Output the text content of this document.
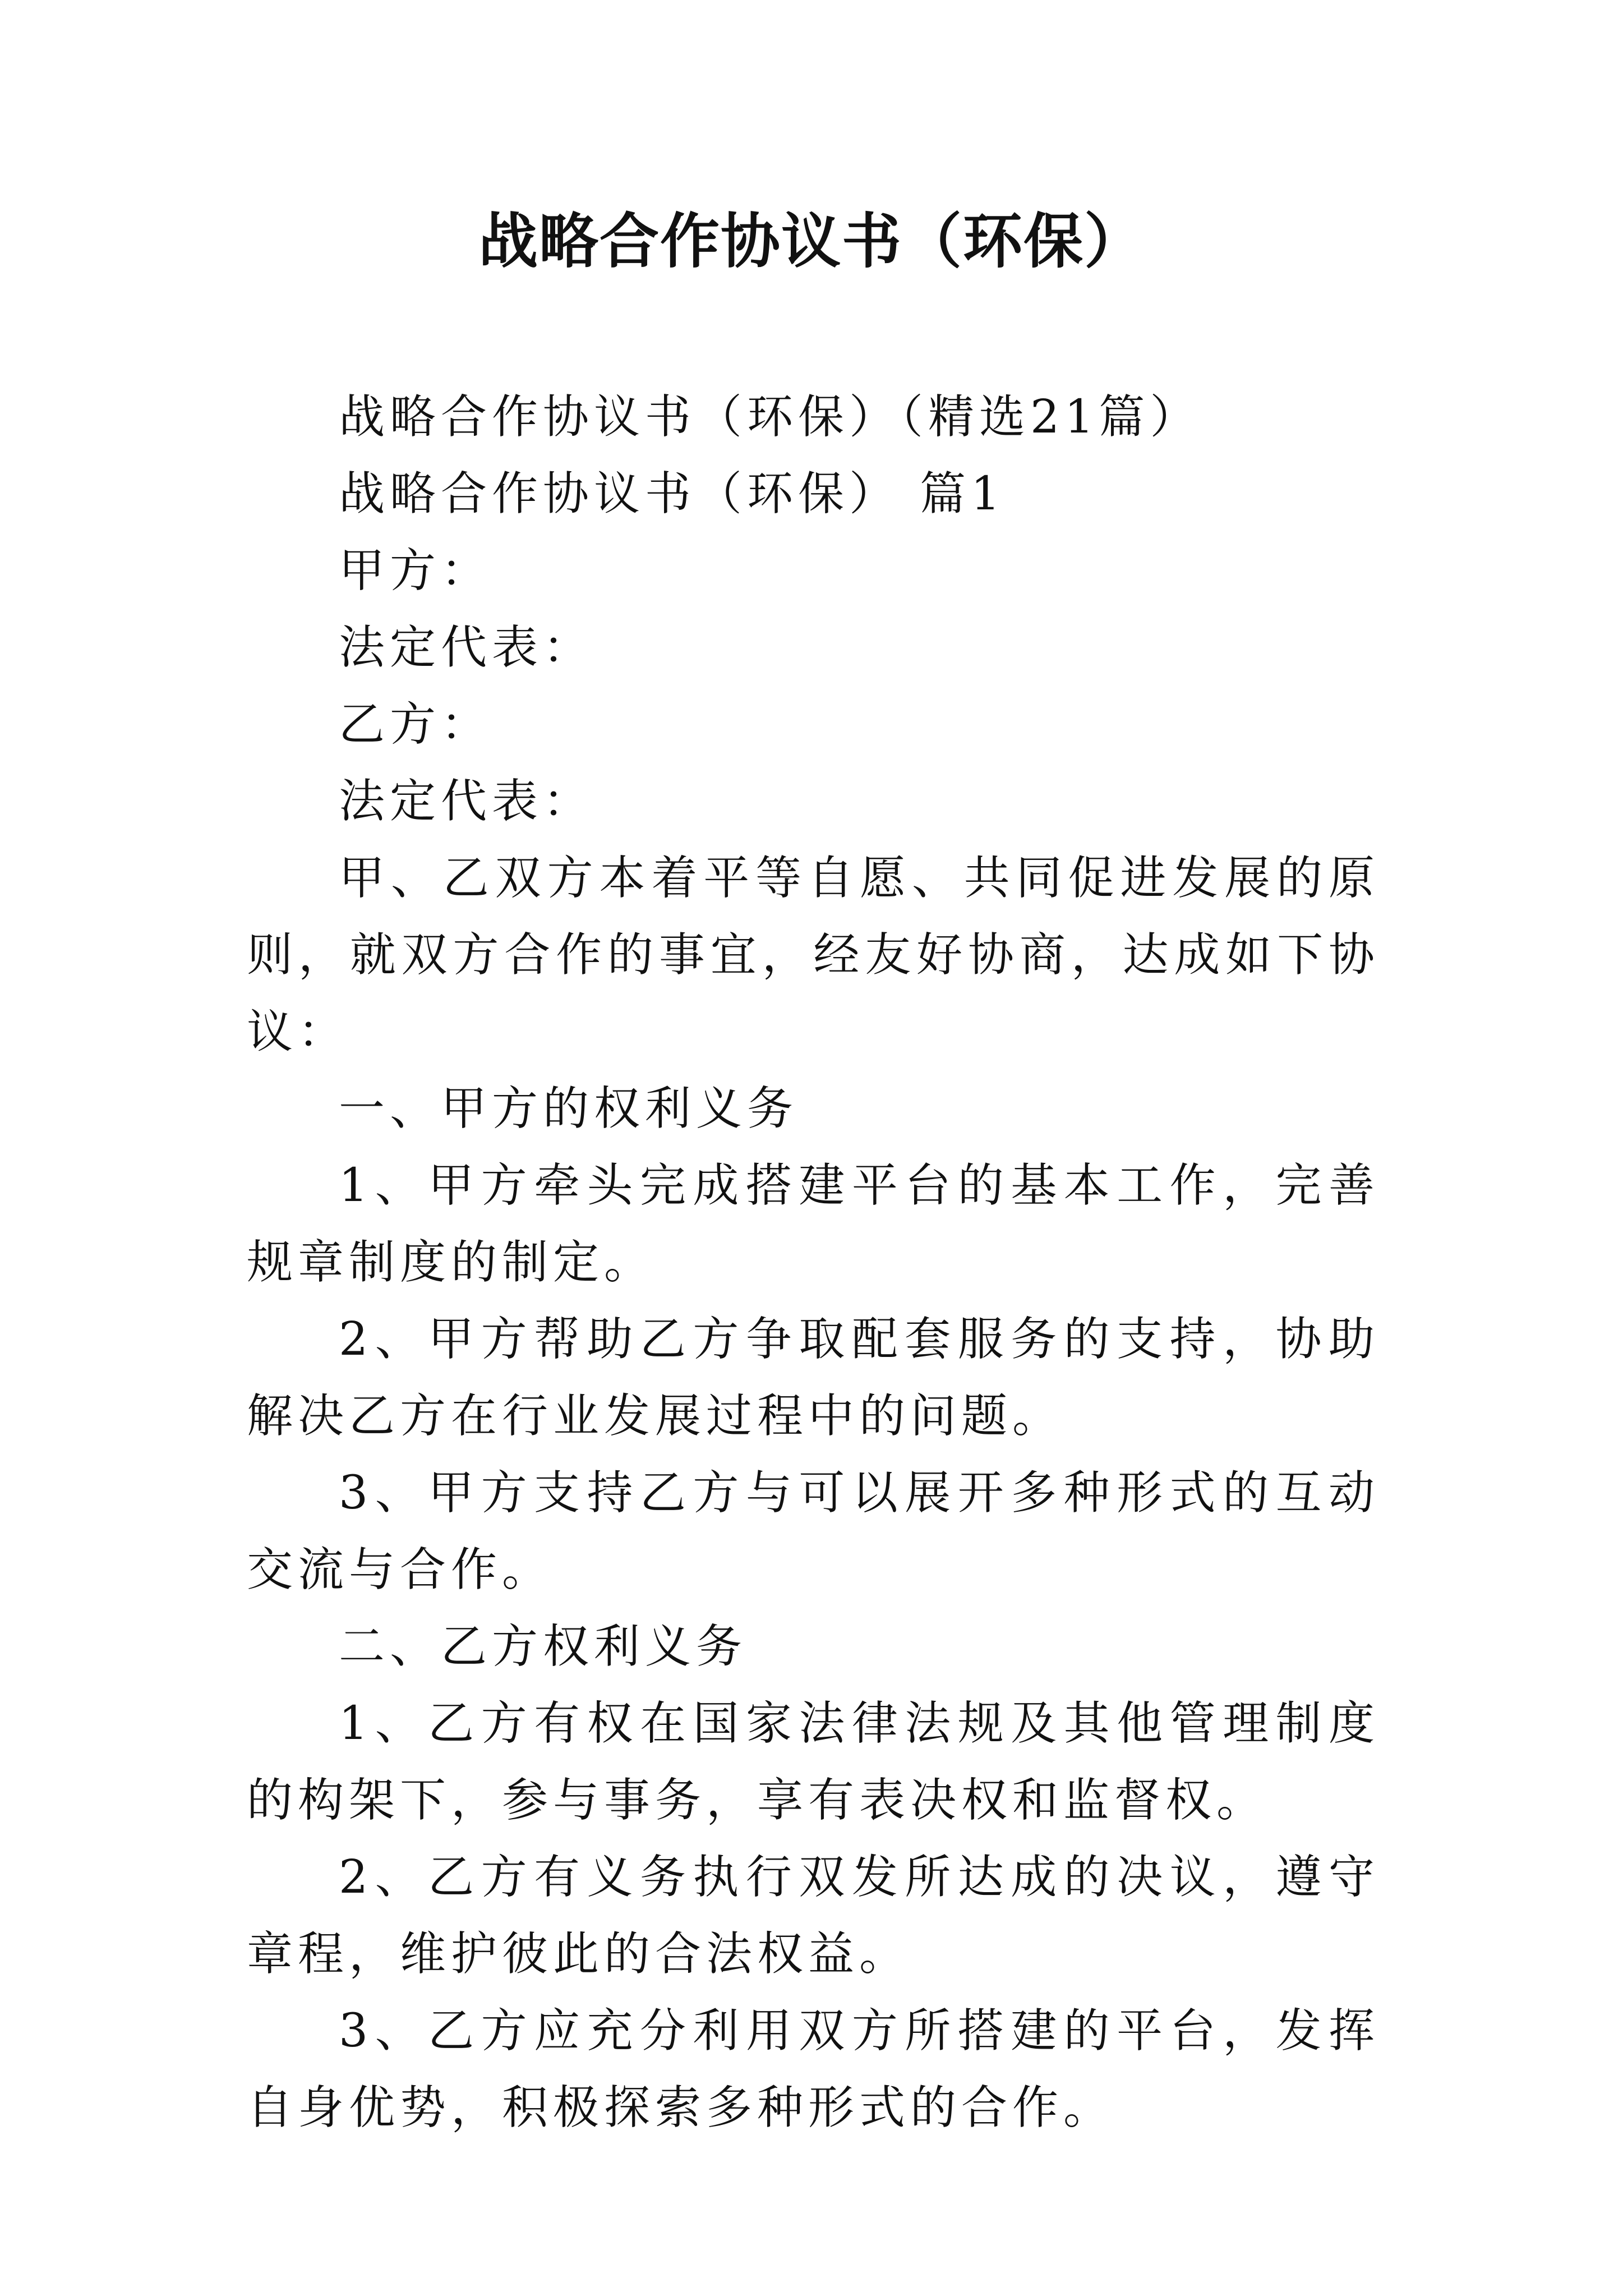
战略合作协议书（环保）

战略合作协议书（环保）（精选21篇）

战略合作协议书（环保） 篇1

甲方：

法定代表：

乙方：

法定代表：

甲、乙双方本着平等自愿、共同促进发展的原则，就双方合作的事宜，经友好协商，达成如下协议：

一、甲方的权利义务

1、甲方牵头完成搭建平台的基本工作，完善规章制度的制定。

2、甲方帮助乙方争取配套服务的支持，协助解决乙方在行业发展过程中的问题。

3、甲方支持乙方与可以展开多种形式的互动交流与合作。

二、乙方权利义务

1、乙方有权在国家法律法规及其他管理制度的构架下，参与事务，享有表决权和监督权。

2、乙方有义务执行双发所达成的决议，遵守章程，维护彼此的合法权益。

3、乙方应充分利用双方所搭建的平台，发挥自身优势，积极探索多种形式的合作。
